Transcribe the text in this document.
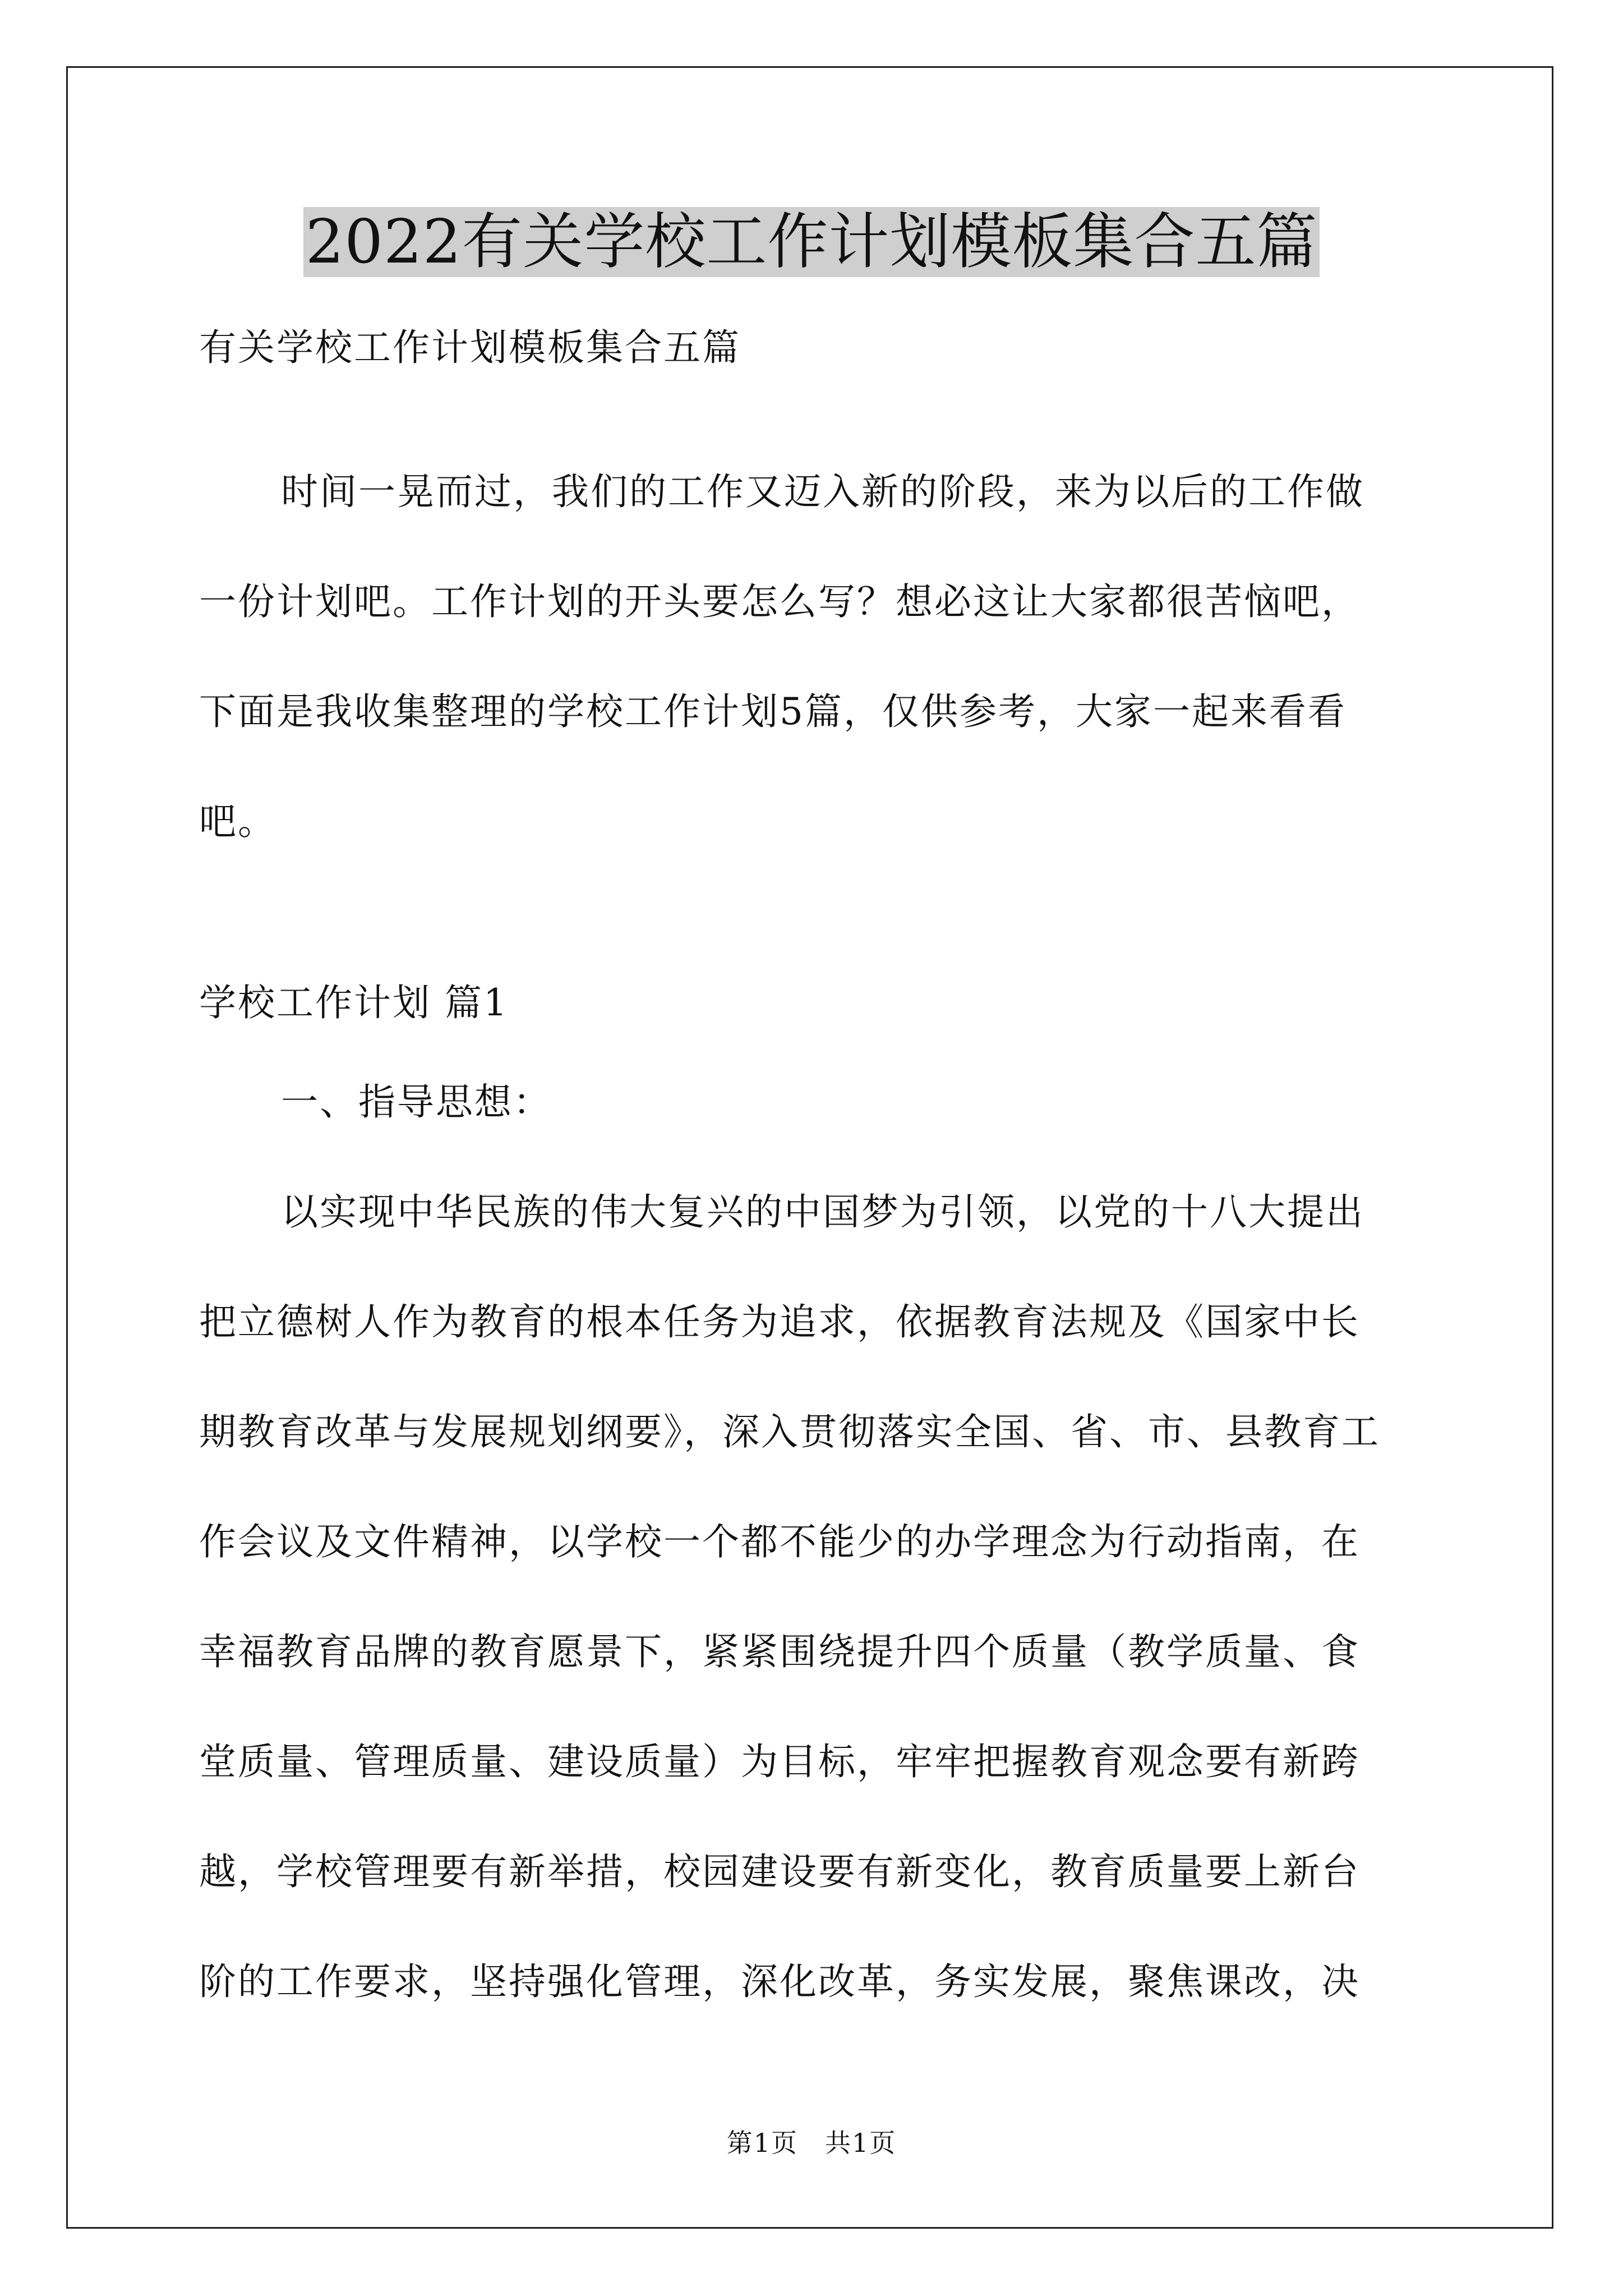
2022有关学校工作计划模板集合五篇
有关学校工作计划模板集合五篇
时间一晃而过，我们的工作又迈入新的阶段，来为以后的工作做
一份计划吧。工作计划的开头要怎么写？想必这让大家都很苦恼吧，
下面是我收集整理的学校工作计划5篇，仅供参考，大家一起来看看
吧。
学校工作计划 篇1
一、指导思想：
以实现中华民族的伟大复兴的中国梦为引领，以党的十八大提出
把立德树人作为教育的根本任务为追求，依据教育法规及《国家中长
期教育改革与发展规划纲要》，深入贯彻落实全国、省、市、县教育工
作会议及文件精神，以学校一个都不能少的办学理念为行动指南，在
幸福教育品牌的教育愿景下，紧紧围绕提升四个质量（教学质量、食
堂质量、管理质量、建设质量）为目标，牢牢把握教育观念要有新跨
越，学校管理要有新举措，校园建设要有新变化，教育质量要上新台
阶的工作要求，坚持强化管理，深化改革，务实发展，聚焦课改，决
第1页　共1页
